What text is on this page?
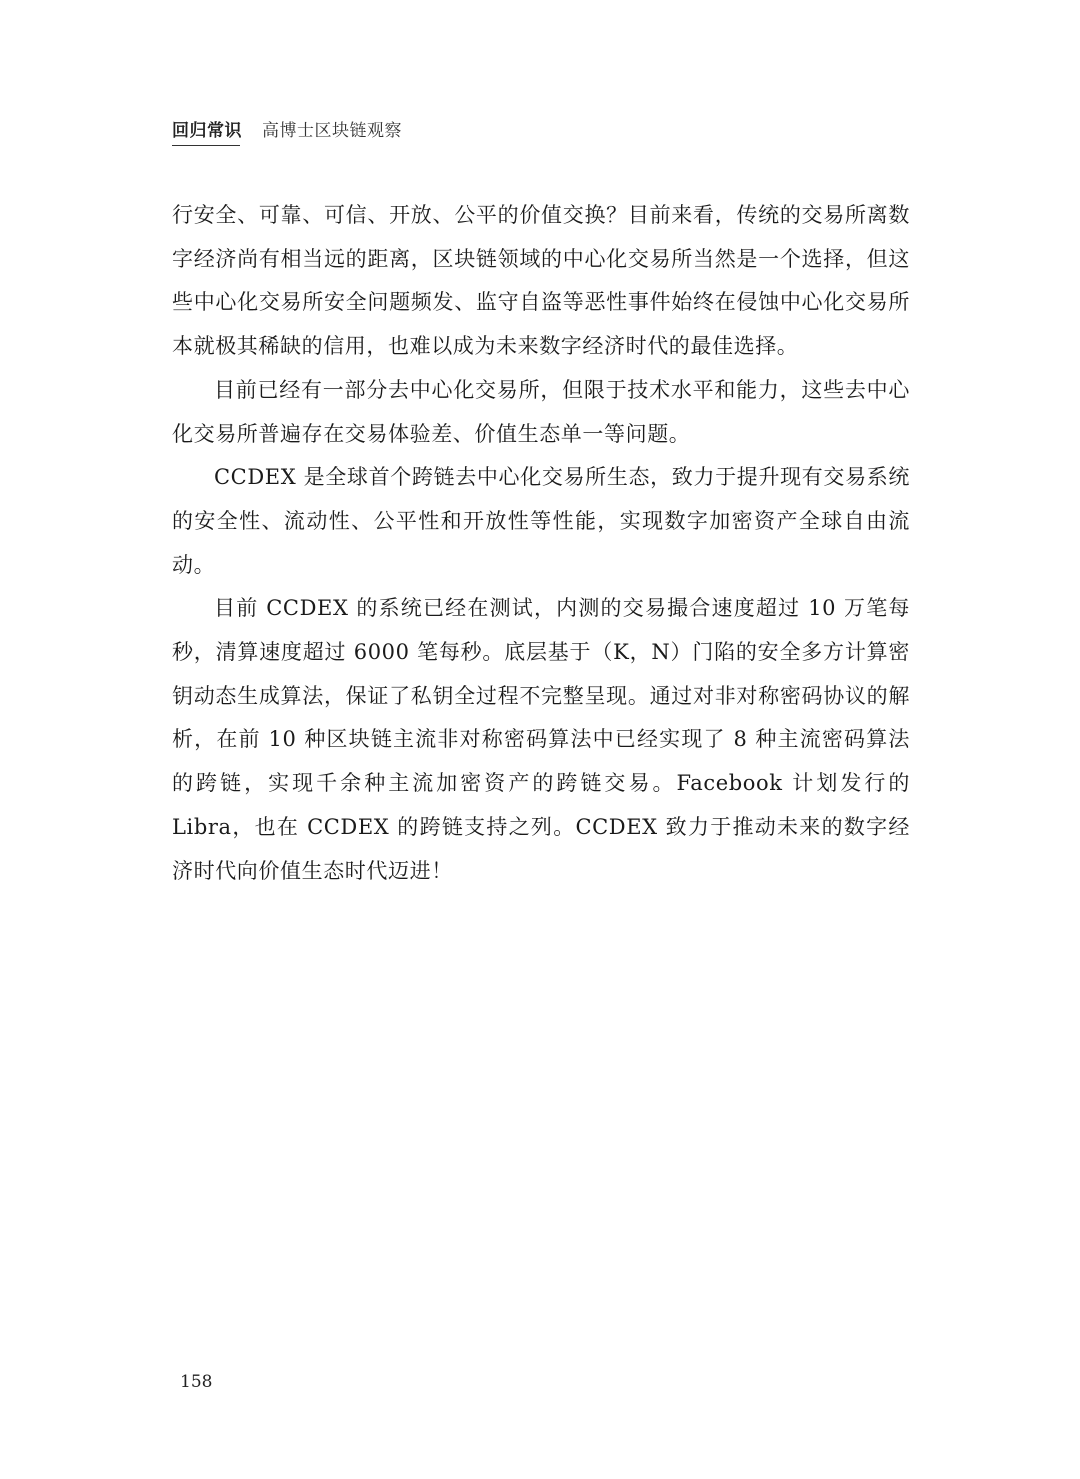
回归常识 高博士区块链观察

行安全、可靠、可信、开放、公平的价值交换？目前来看，传统的交易所离数字经济尚有相当远的距离，区块链领域的中心化交易所当然是一个选择，但这些中心化交易所安全问题频发、监守自盗等恶性事件始终在侵蚀中心化交易所本就极其稀缺的信用，也难以成为未来数字经济时代的最佳选择。

目前已经有一部分去中心化交易所，但限于技术水平和能力，这些去中心化交易所普遍存在交易体验差、价值生态单一等问题。

CCDEX 是全球首个跨链去中心化交易所生态，致力于提升现有交易系统的安全性、流动性、公平性和开放性等性能，实现数字加密资产全球自由流动。

目前 CCDEX 的系统已经在测试，内测的交易撮合速度超过 10 万笔每秒，清算速度超过 6000 笔每秒。底层基于（K，N）门陷的安全多方计算密钥动态生成算法，保证了私钥全过程不完整呈现。通过对非对称密码协议的解析，在前 10 种区块链主流非对称密码算法中已经实现了 8 种主流密码算法的跨链，实现千余种主流加密资产的跨链交易。Facebook 计划发行的 Libra，也在 CCDEX 的跨链支持之列。CCDEX 致力于推动未来的数字经济时代向价值生态时代迈进！

158
